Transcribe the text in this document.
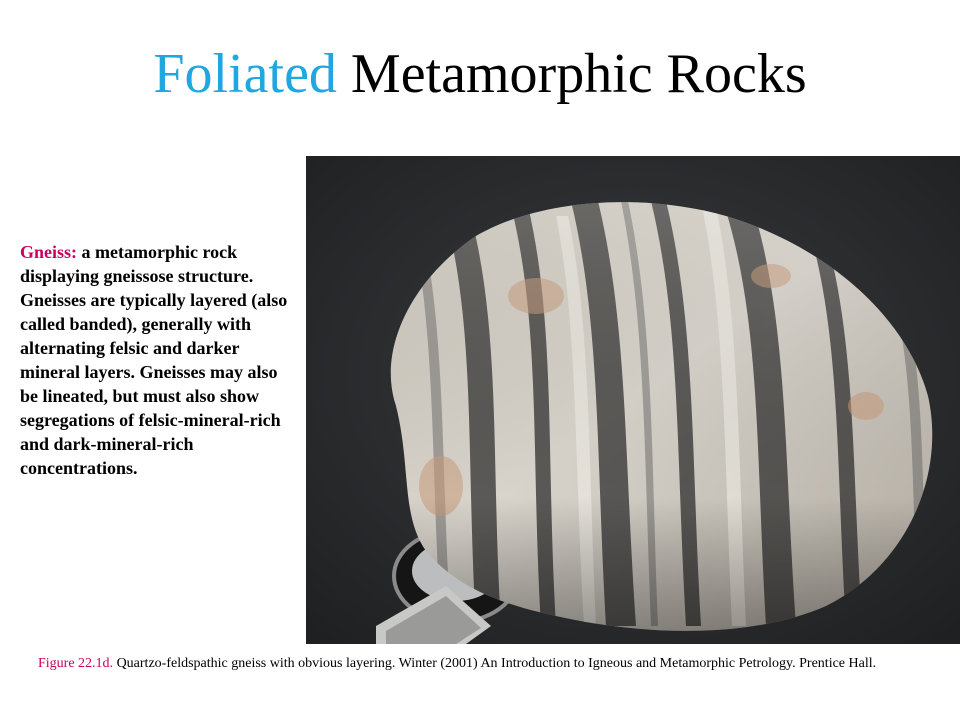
Foliated Metamorphic Rocks
Gneiss: a metamorphic rock displaying gneissose structure. Gneisses are typically layered (also called banded), generally with alternating felsic and darker mineral layers. Gneisses may also be lineated, but must also show segregations of felsic-mineral-rich and dark-mineral-rich concentrations.
Figure 22.1d. Quartzo-feldspathic gneiss with obvious layering. Winter (2001) An Introduction to Igneous and Metamorphic Petrology. Prentice Hall.
